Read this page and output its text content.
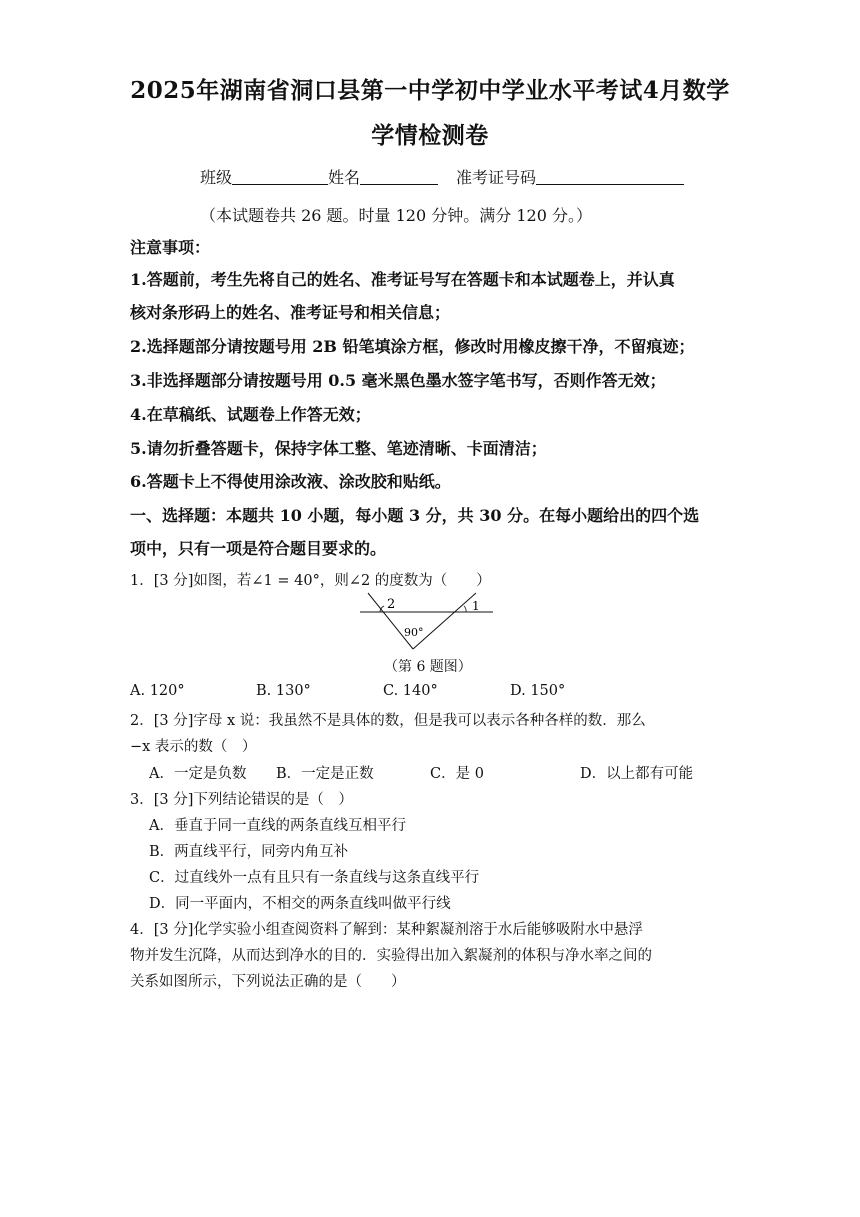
2025年湖南省洞口县第一中学初中学业水平考试4月数学
学情检测卷
班级	姓名	准考证号码
（本试题卷共 26 题。时量 120 分钟。满分 120 分。）
注意事项：
1.答题前，考生先将自己的姓名、准考证号写在答题卡和本试题卷上，并认真
核对条形码上的姓名、准考证号和相关信息；
2.选择题部分请按题号用 2B 铅笔填涂方框，修改时用橡皮擦干净，不留痕迹；
3.非选择题部分请按题号用 0.5 毫米黑色墨水签字笔书写，否则作答无效；
4.在草稿纸、试题卷上作答无效；
5.请勿折叠答题卡，保持字体工整、笔迹清晰、卡面清洁；
6.答题卡上不得使用涂改液、涂改胶和贴纸。
一、选择题：本题共 10 小题，每小题 3 分，共 30 分。在每小题给出的四个选
项中，只有一项是符合题目要求的。
1．[3 分]如图，若∠1 = 40°，则∠2 的度数为（　　）
2	1
90°
（第 6 题图）
A. 120°	B. 130°	C. 140°	D. 150°
2．[3 分]字母 x 说：我虽然不是具体的数，但是我可以表示各种各样的数．那么
−x 表示的数（　）
A．一定是负数 B．一定是正数	C．是 0	D．以上都有可能
3．[3 分]下列结论错误的是（　）
A．垂直于同一直线的两条直线互相平行
B．两直线平行，同旁内角互补
C．过直线外一点有且只有一条直线与这条直线平行
D．同一平面内，不相交的两条直线叫做平行线
4．[3 分]化学实验小组查阅资料了解到：某种絮凝剂溶于水后能够吸附水中悬浮
物并发生沉降，从而达到净水的目的．实验得出加入絮凝剂的体积与净水率之间的
关系如图所示，下列说法正确的是（　　）
